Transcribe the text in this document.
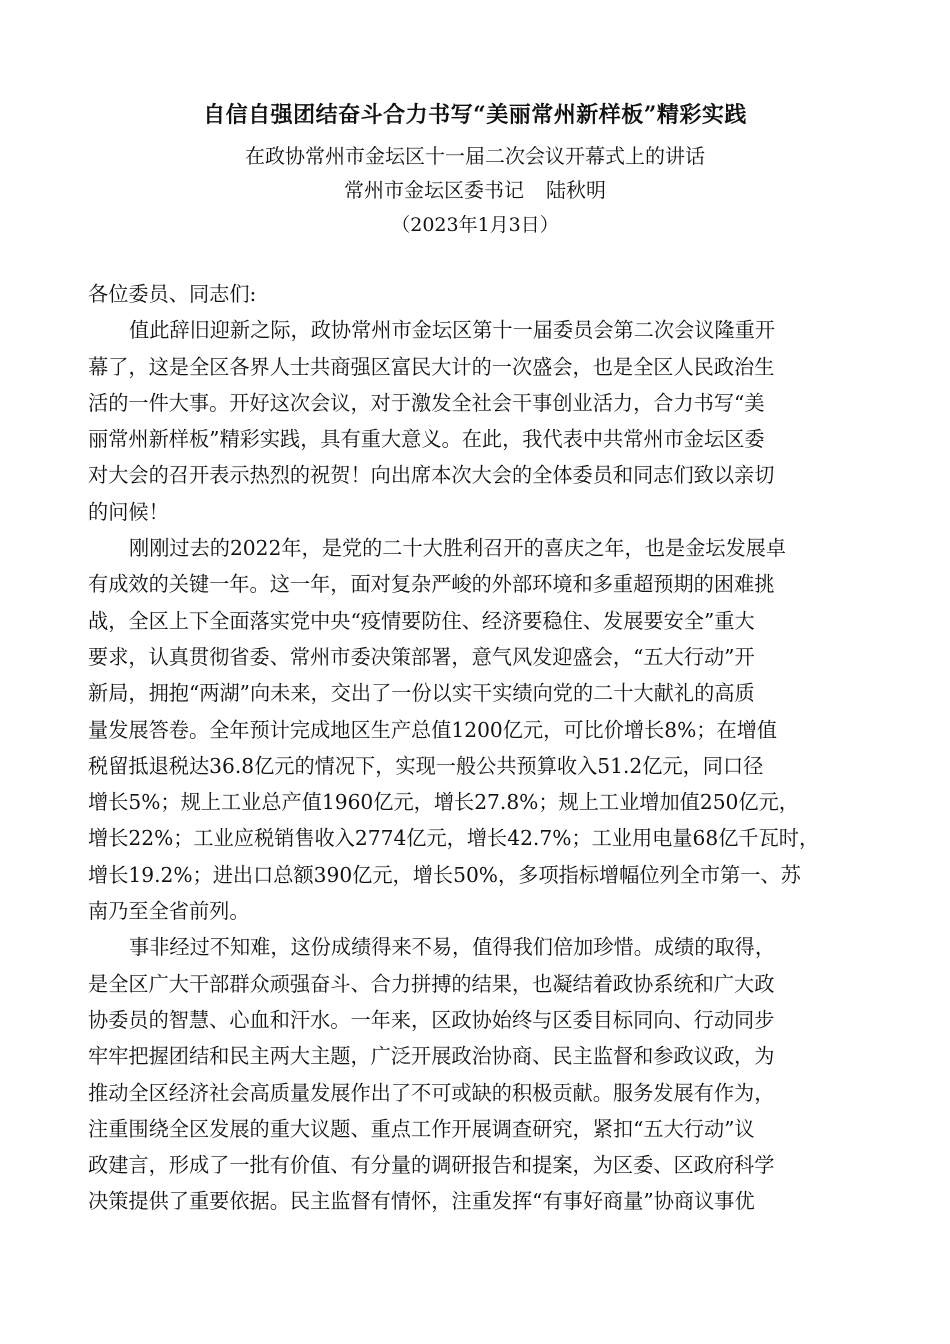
自信自强团结奋斗合力书写“美丽常州新样板”精彩实践
在政协常州市金坛区十一届二次会议开幕式上的讲话
常州市金坛区委书记 陆秋明
（2023年1月3日）

各位委员、同志们:

值此辞旧迎新之际，政协常州市金坛区第十一届委员会第二次会议隆重开
幕了，这是全区各界人士共商强区富民大计的一次盛会，也是全区人民政治生
活的一件大事。开好这次会议，对于激发全社会干事创业活力，合力书写“美
丽常州新样板”精彩实践，具有重大意义。在此，我代表中共常州市金坛区委
对大会的召开表示热烈的祝贺！向出席本次大会的全体委员和同志们致以亲切
的问候！
刚刚过去的2022年，是党的二十大胜利召开的喜庆之年，也是金坛发展卓
有成效的关键一年。这一年，面对复杂严峻的外部环境和多重超预期的困难挑
战，全区上下全面落实党中央“疫情要防住、经济要稳住、发展要安全”重大
要求，认真贯彻省委、常州市委决策部署，意气风发迎盛会，“五大行动”开
新局，拥抱“两湖”向未来，交出了一份以实干实绩向党的二十大献礼的高质
量发展答卷。全年预计完成地区生产总值1200亿元，可比价增长8%；在增值
税留抵退税达36.8亿元的情况下，实现一般公共预算收入51.2亿元，同口径
增长5%；规上工业总产值1960亿元，增长27.8%；规上工业增加值250亿元，
增长22%；工业应税销售收入2774亿元，增长42.7%；工业用电量68亿千瓦时，
增长19.2%；进出口总额390亿元，增长50%，多项指标增幅位列全市第一、苏
南乃至全省前列。
事非经过不知难，这份成绩得来不易，值得我们倍加珍惜。成绩的取得，
是全区广大干部群众顽强奋斗、合力拼搏的结果，也凝结着政协系统和广大政
协委员的智慧、心血和汗水。一年来，区政协始终与区委目标同向、行动同步
牢牢把握团结和民主两大主题，广泛开展政治协商、民主监督和参政议政，为
推动全区经济社会高质量发展作出了不可或缺的积极贡献。服务发展有作为，
注重围绕全区发展的重大议题、重点工作开展调查研究，紧扣“五大行动”议
政建言，形成了一批有价值、有分量的调研报告和提案，为区委、区政府科学
决策提供了重要依据。民主监督有情怀，注重发挥“有事好商量”协商议事优
